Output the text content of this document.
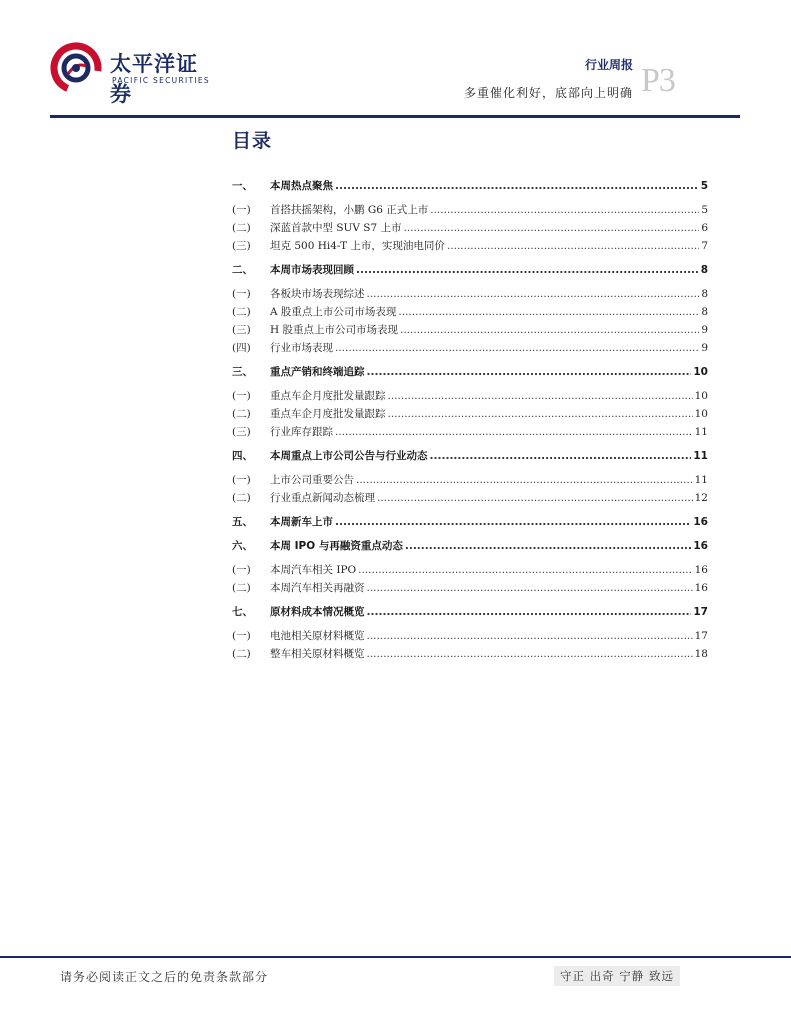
太平洋证券
PACIFIC SECURITIES
行业周报
多重催化利好，底部向上明确 P3
目录
一、	本周热点聚焦 .....	5
(一)	首搭扶摇架构，小鹏 G6 正式上市 .....	5
(二)	深蓝首款中型 SUV S7 上市 .....	6
(三)	坦克 500 Hi4-T 上市，实现油电同价 .....	7
二、	本周市场表现回顾 .....	8
(一)	各板块市场表现综述 .....	8
(二)	A 股重点上市公司市场表现 .....	8
(三)	H 股重点上市公司市场表现 .....	9
(四)	行业市场表现 .....	9
三、	重点产销和终端追踪 .....	10
(一)	重点车企月度批发量跟踪 .....	10
(二)	重点车企月度批发量跟踪 .....	10
(三)	行业库存跟踪 .....	11
四、	本周重点上市公司公告与行业动态 .....	11
(一)	上市公司重要公告 .....	11
(二)	行业重点新闻动态梳理 .....	12
五、	本周新车上市 .....	16
六、	本周 IPO 与再融资重点动态 .....	16
(一)	本周汽车相关 IPO .....	16
(二)	本周汽车相关再融资 .....	16
七、	原材料成本情况概览 .....	17
(一)	电池相关原材料概览 .....	17
(二)	整车相关原材料概览 .....	18
请务必阅读正文之后的免责条款部分	守正 出奇 宁静 致远
